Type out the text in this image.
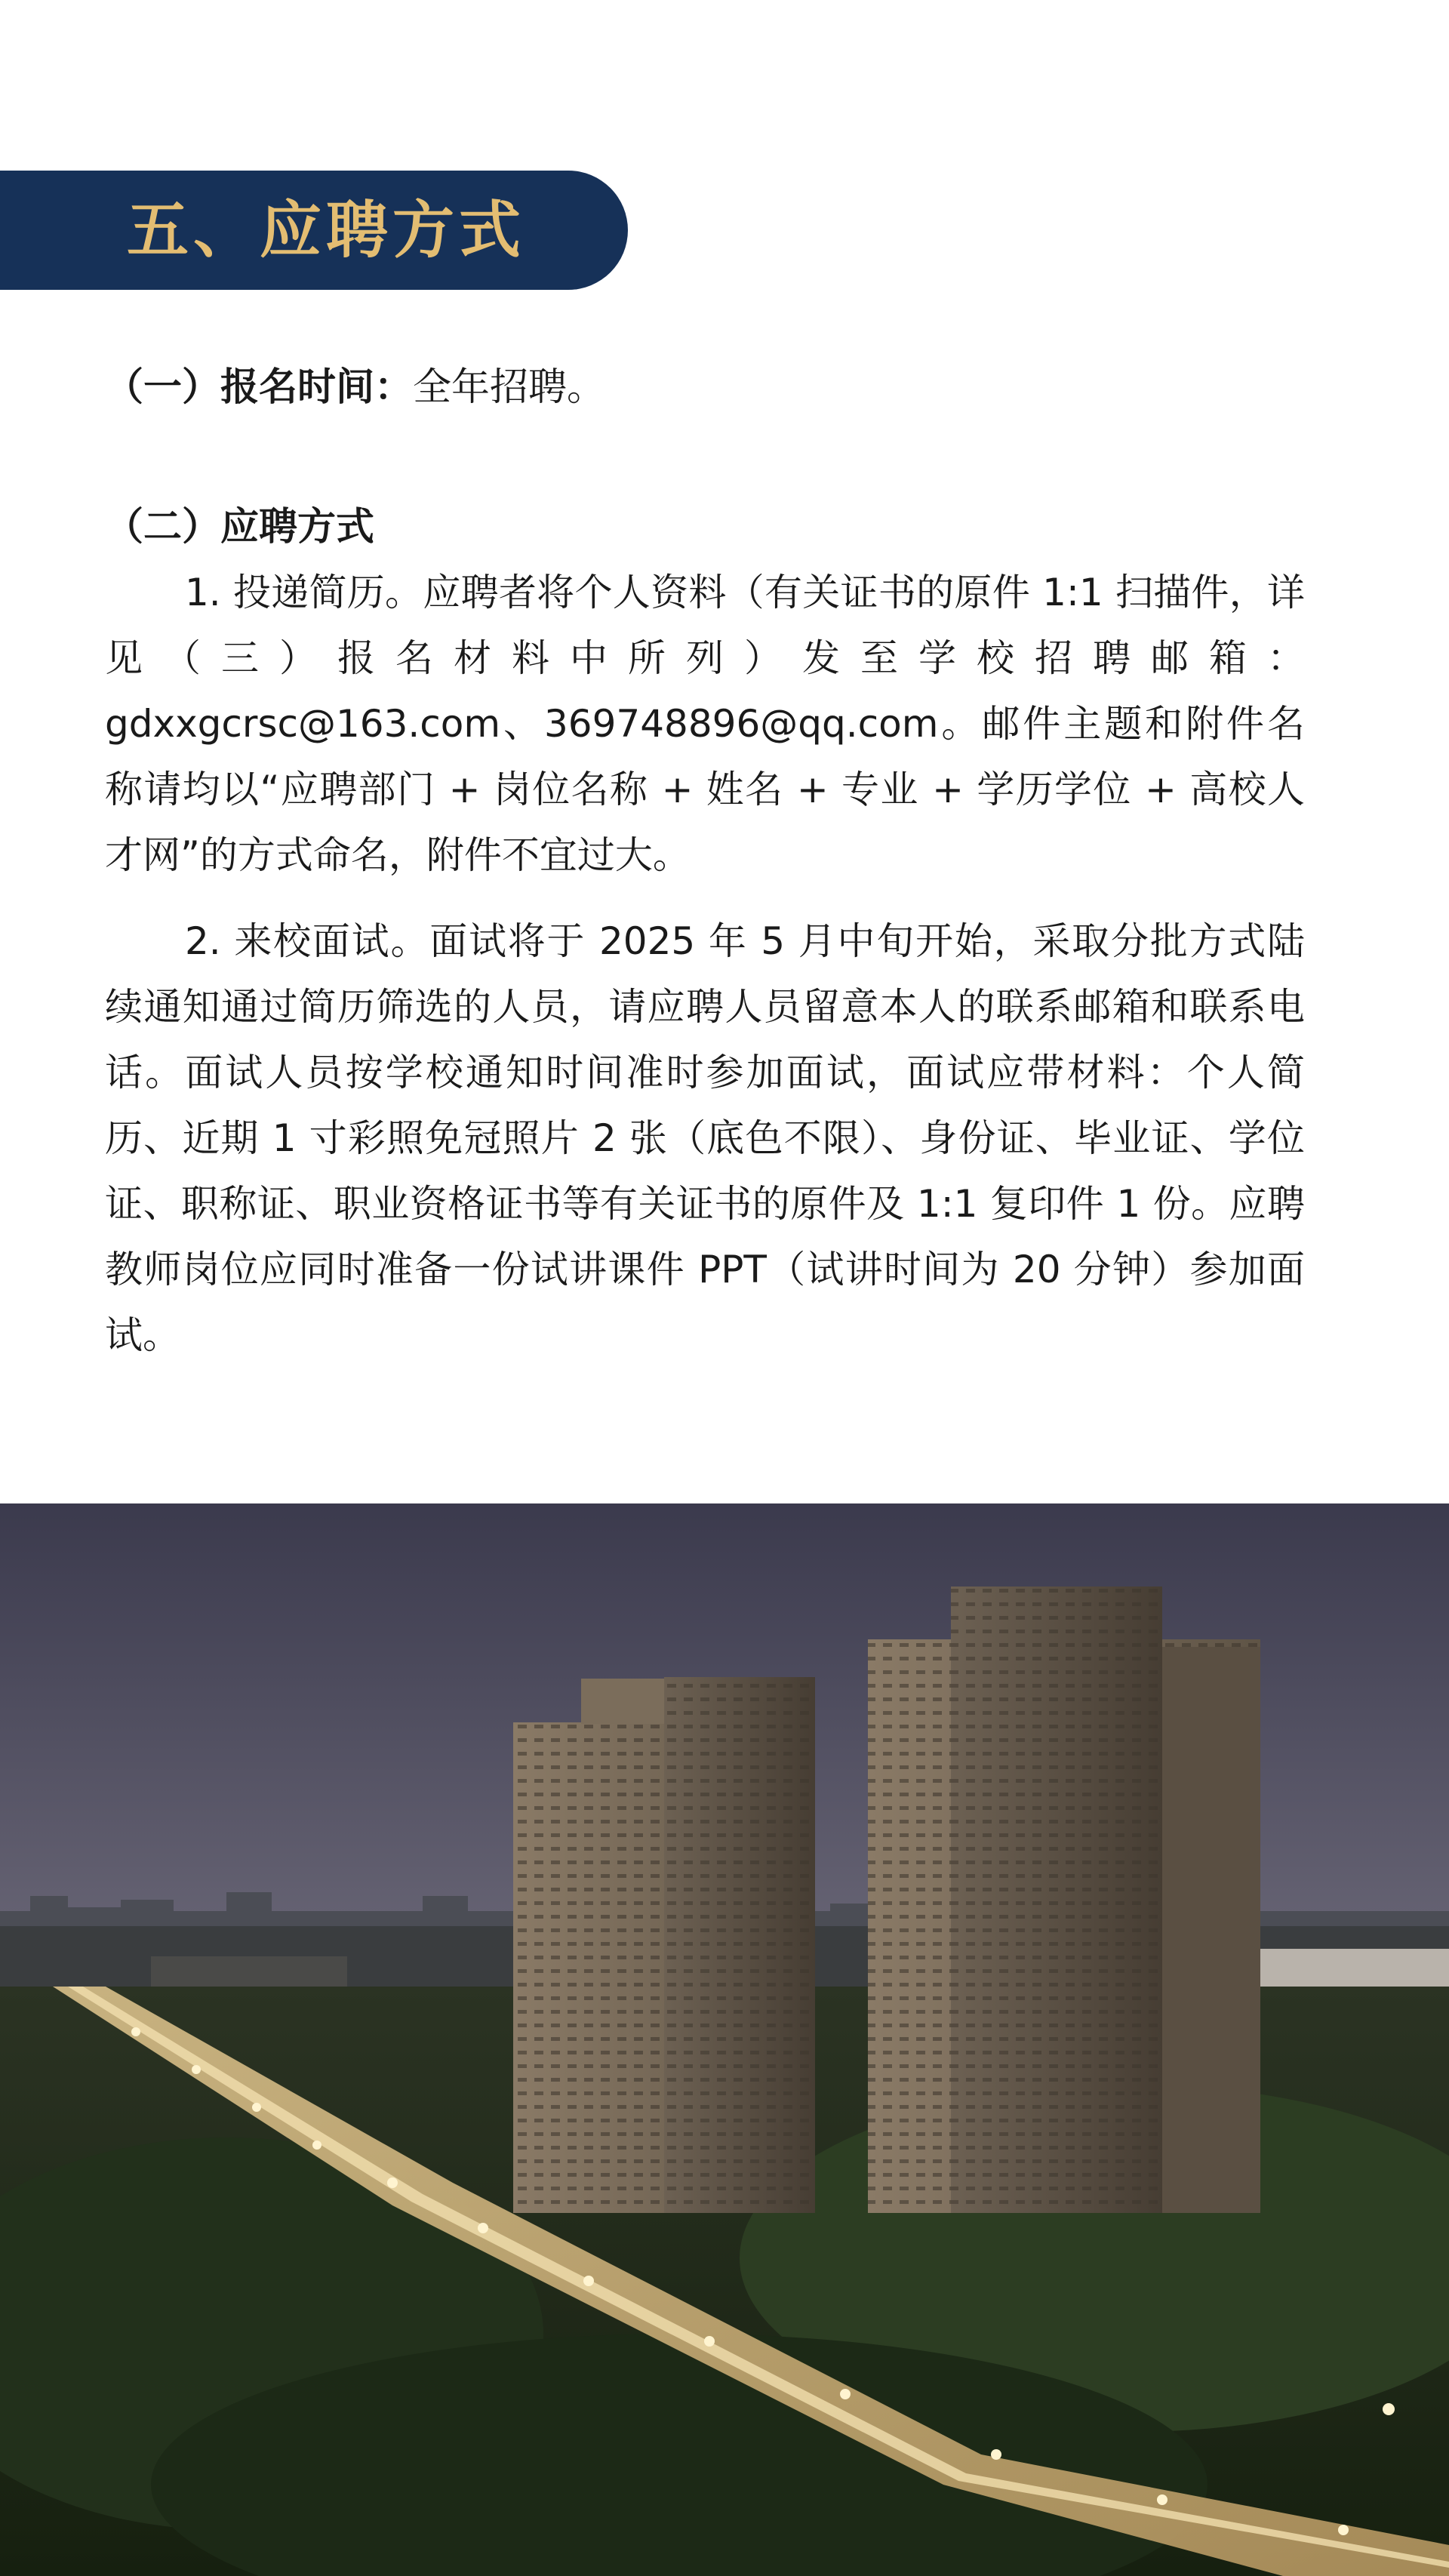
五、应聘方式

（一）报名时间：全年招聘。

（二）应聘方式

1. 投递简历。应聘者将个人资料（有关证书的原件 1:1 扫描件，详见（三）报名材料中所列）发至学校招聘邮箱：gdxxgcrsc@163.com、369748896@qq.com。邮件主题和附件名称请均以“应聘部门 + 岗位名称 + 姓名 + 专业 + 学历学位 + 高校人才网”的方式命名，附件不宜过大。

2. 来校面试。面试将于 2025 年 5 月中旬开始，采取分批方式陆续通知通过简历筛选的人员，请应聘人员留意本人的联系邮箱和联系电话。面试人员按学校通知时间准时参加面试，面试应带材料：个人简历、近期 1 寸彩照免冠照片 2 张（底色不限）、身份证、毕业证、学位证、职称证、职业资格证书等有关证书的原件及 1:1 复印件 1 份。应聘教师岗位应同时准备一份试讲课件 PPT（试讲时间为 20 分钟）参加面试。
